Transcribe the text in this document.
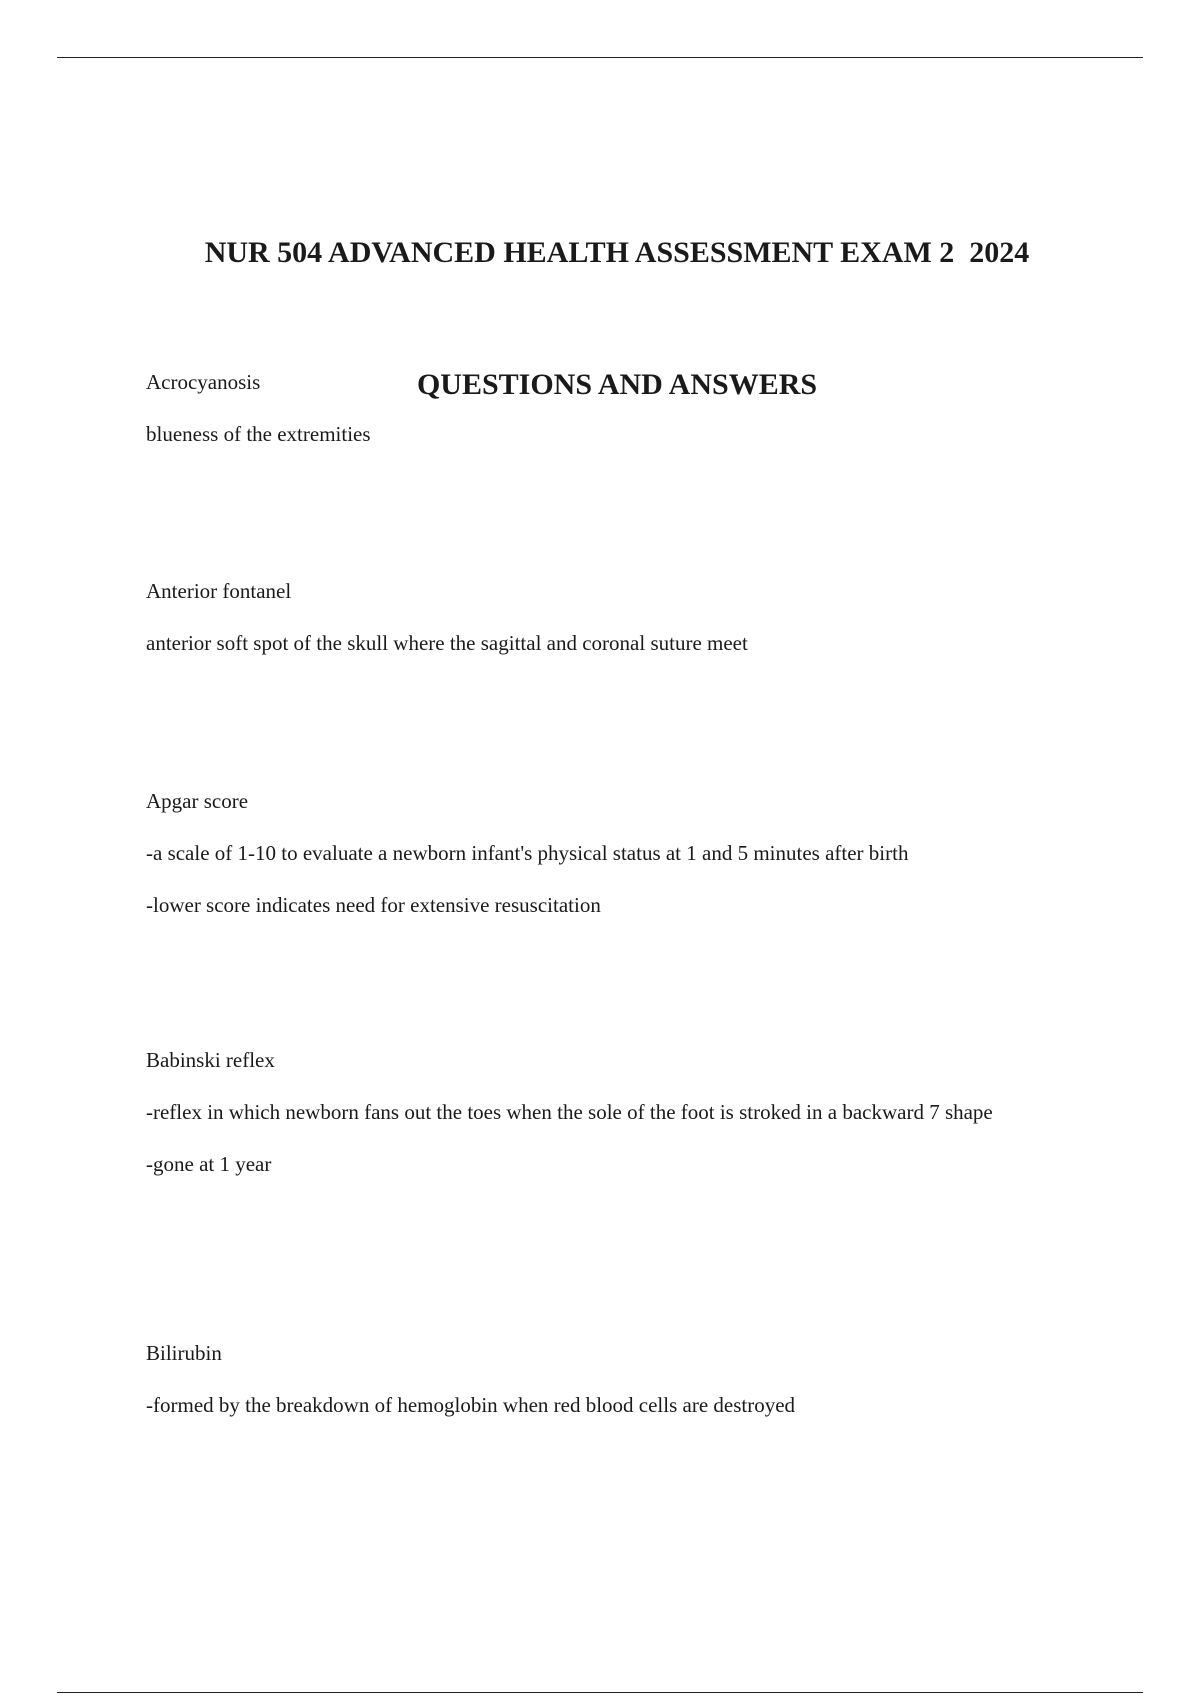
NUR 504 ADVANCED HEALTH ASSESSMENT EXAM 2  2024

QUESTIONS AND ANSWERS

Acrocyanosis
blueness of the extremities
Anterior fontanel
anterior soft spot of the skull where the sagittal and coronal suture meet
Apgar score
-a scale of 1-10 to evaluate a newborn infant's physical status at 1 and 5 minutes after birth
-lower score indicates need for extensive resuscitation
Babinski reflex
-reflex in which newborn fans out the toes when the sole of the foot is stroked in a backward 7 shape
-gone at 1 year
Bilirubin
-formed by the breakdown of hemoglobin when red blood cells are destroyed
